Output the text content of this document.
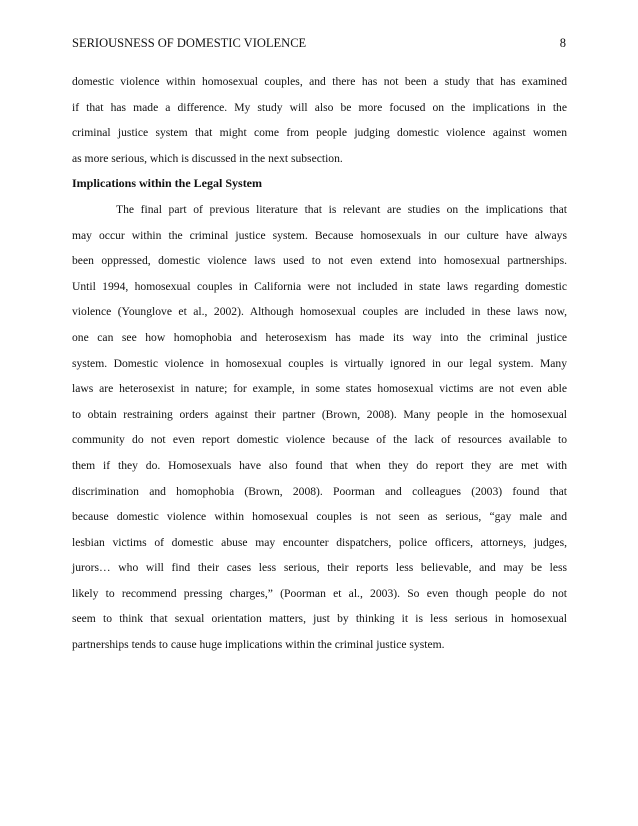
SERIOUSNESS OF DOMESTIC VIOLENCE	8
domestic violence within homosexual couples, and there has not been a study that has examined
if that has made a difference. My study will also be more focused on the implications in the
criminal justice system that might come from people judging domestic violence against women
as more serious, which is discussed in the next subsection.
Implications within the Legal System
The final part of previous literature that is relevant are studies on the implications that
may occur within the criminal justice system. Because homosexuals in our culture have always
been oppressed, domestic violence laws used to not even extend into homosexual partnerships.
Until 1994, homosexual couples in California were not included in state laws regarding domestic
violence (Younglove et al., 2002). Although homosexual couples are included in these laws now,
one can see how homophobia and heterosexism has made its way into the criminal justice
system. Domestic violence in homosexual couples is virtually ignored in our legal system. Many
laws are heterosexist in nature; for example, in some states homosexual victims are not even able
to obtain restraining orders against their partner (Brown, 2008). Many people in the homosexual
community do not even report domestic violence because of the lack of resources available to
them if they do. Homosexuals have also found that when they do report they are met with
discrimination and homophobia (Brown, 2008). Poorman and colleagues (2003) found that
because domestic violence within homosexual couples is not seen as serious, “gay male and
lesbian victims of domestic abuse may encounter dispatchers, police officers, attorneys, judges,
jurors… who will find their cases less serious, their reports less believable, and may be less
likely to recommend pressing charges,” (Poorman et al., 2003). So even though people do not
seem to think that sexual orientation matters, just by thinking it is less serious in homosexual
partnerships tends to cause huge implications within the criminal justice system.
